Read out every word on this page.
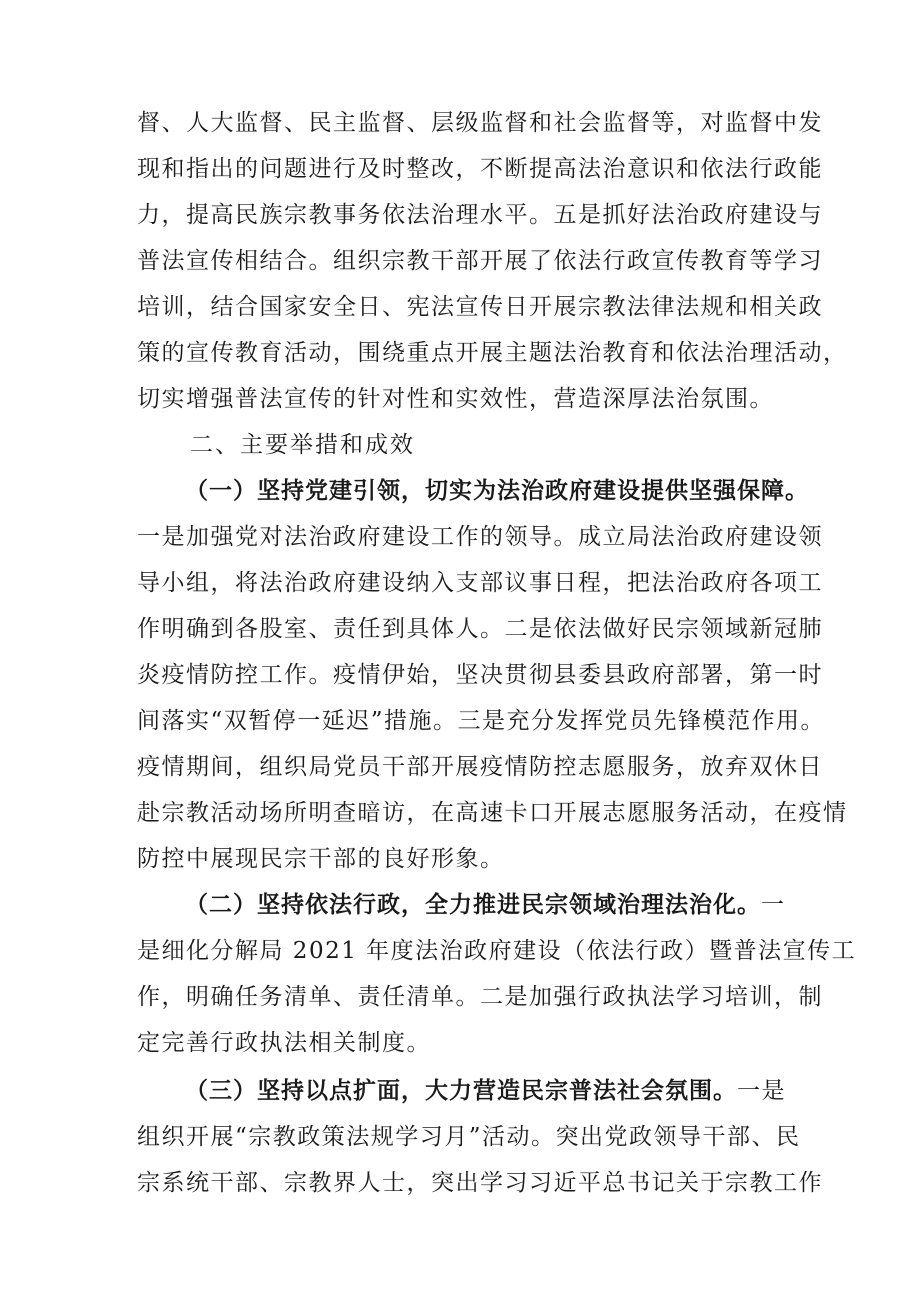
督、人大监督、民主监督、层级监督和社会监督等，对监督中发
现和指出的问题进行及时整改，不断提高法治意识和依法行政能
力，提高民族宗教事务依法治理水平。五是抓好法治政府建设与
普法宣传相结合。组织宗教干部开展了依法行政宣传教育等学习
培训，结合国家安全日、宪法宣传日开展宗教法律法规和相关政
策的宣传教育活动，围绕重点开展主题法治教育和依法治理活动，
切实增强普法宣传的针对性和实效性，营造深厚法治氛围。
二、主要举措和成效
（一）坚持党建引领，切实为法治政府建设提供坚强保障。
一是加强党对法治政府建设工作的领导。成立局法治政府建设领
导小组，将法治政府建设纳入支部议事日程，把法治政府各项工
作明确到各股室、责任到具体人。二是依法做好民宗领域新冠肺
炎疫情防控工作。疫情伊始，坚决贯彻县委县政府部署，第一时
间落实“双暂停一延迟”措施。三是充分发挥党员先锋模范作用。
疫情期间，组织局党员干部开展疫情防控志愿服务，放弃双休日
赴宗教活动场所明查暗访，在高速卡口开展志愿服务活动，在疫情
防控中展现民宗干部的良好形象。
（二）坚持依法行政，全力推进民宗领域治理法治化。一
是细化分解局 2021 年度法治政府建设（依法行政）暨普法宣传工
作，明确任务清单、责任清单。二是加强行政执法学习培训，制
定完善行政执法相关制度。
（三）坚持以点扩面，大力营造民宗普法社会氛围。一是
组织开展“宗教政策法规学习月”活动。突出党政领导干部、民
宗系统干部、宗教界人士，突出学习习近平总书记关于宗教工作
